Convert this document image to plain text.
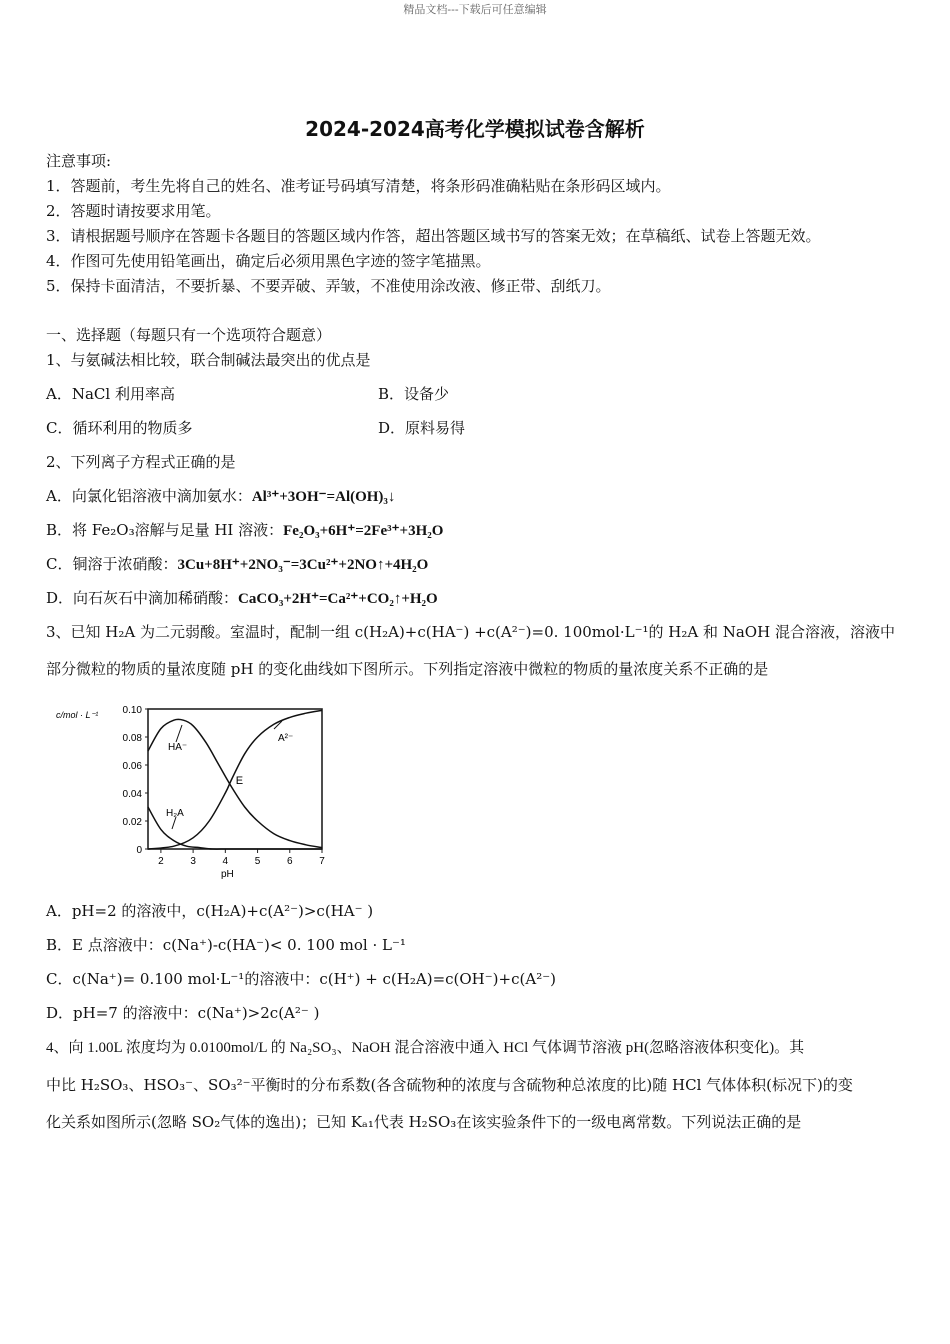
精品文档---下载后可任意编辑
2024-2024高考化学模拟试卷含解析
注意事项:
1．答题前，考生先将自己的姓名、准考证号码填写清楚，将条形码准确粘贴在条形码区域内。
2．答题时请按要求用笔。
3．请根据题号顺序在答题卡各题目的答题区域内作答，超出答题区域书写的答案无效；在草稿纸、试卷上答题无效。
4．作图可先使用铅笔画出，确定后必须用黑色字迹的签字笔描黑。
5．保持卡面清洁，不要折暴、不要弄破、弄皱，不准使用涂改液、修正带、刮纸刀。
一、选择题（每题只有一个选项符合题意）
1、与氨碱法相比较，联合制碱法最突出的优点是
A．NaCl 利用率高	B．设备少
C．循环利用的物质多	D．原料易得
2、下列离子方程式正确的是
A．向氯化铝溶液中滴加氨水：Al³⁺+3OH⁻=Al(OH)₃↓
B．将 Fe₂O₃溶解与足量 HI 溶液：Fe₂O₃+6H⁺=2Fe³⁺+3H₂O
C．铜溶于浓硝酸：3Cu+8H⁺+2NO₃⁻=3Cu²⁺+2NO↑+4H₂O
D．向石灰石中滴加稀硝酸：CaCO₃+2H⁺=Ca²⁺+CO₂↑+H₂O
3、已知 H₂A 为二元弱酸。室温时，配制一组 c(H₂A)+c(HA⁻) +c(A²⁻)=0. 100mol·L⁻¹的 H₂A 和 NaOH 混合溶液，溶液中
部分微粒的物质的量浓度随 pH 的变化曲线如下图所示。下列指定溶液中微粒的物质的量浓度关系不正确的是
2	3	4	5	6	7
0
0.02
0.04
0.06
0.08
0.10
c/mol · L⁻¹
pH
HA⁻
H₂A
A²⁻
E
A．pH=2 的溶液中，c(H₂A)+c(A²⁻)>c(HA⁻ )
B．E 点溶液中：c(Na⁺)-c(HA⁻)< 0. 100 mol · L⁻¹
C．c(Na⁺)= 0.100 mol·L⁻¹的溶液中：c(H⁺) + c(H₂A)=c(OH⁻)+c(A²⁻)
D．pH=7 的溶液中：c(Na⁺)>2c(A²⁻ )
4、向 1.00L 浓度均为 0.0100mol/L 的 Na₂SO₃、NaOH 混合溶液中通入 HCl 气体调节溶液 pH(忽略溶液体积变化)。其
中比 H₂SO₃、HSO₃⁻、SO₃²⁻平衡时的分布系数(各含硫物种的浓度与含硫物种总浓度的比)随 HCl 气体体积(标况下)的变
化关系如图所示(忽略 SO₂气体的逸出)；已知 Kₐ₁代表 H₂SO₃在该实验条件下的一级电离常数。下列说法正确的是
